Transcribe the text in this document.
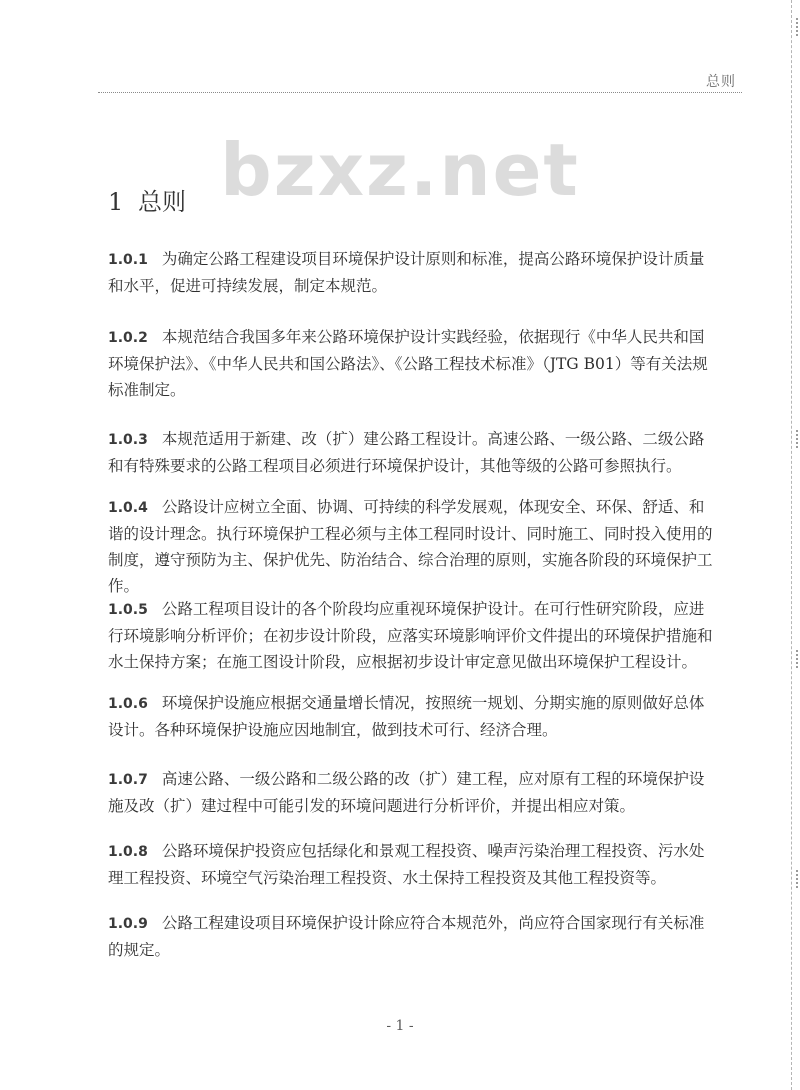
总则
bzxz.net
1 总则

1.0.1 为确定公路工程建设项目环境保护设计原则和标准，提高公路环境保护设计质量和水平，促进可持续发展，制定本规范。

1.0.2 本规范结合我国多年来公路环境保护设计实践经验，依据现行《中华人民共和国环境保护法》、《中华人民共和国公路法》、《公路工程技术标准》（JTG B01）等有关法规标准制定。

1.0.3 本规范适用于新建、改（扩）建公路工程设计。高速公路、一级公路、二级公路和有特殊要求的公路工程项目必须进行环境保护设计，其他等级的公路可参照执行。

1.0.4 公路设计应树立全面、协调、可持续的科学发展观，体现安全、环保、舒适、和谐的设计理念。执行环境保护工程必须与主体工程同时设计、同时施工、同时投入使用的制度，遵守预防为主、保护优先、防治结合、综合治理的原则，实施各阶段的环境保护工作。

1.0.5 公路工程项目设计的各个阶段均应重视环境保护设计。在可行性研究阶段，应进行环境影响分析评价；在初步设计阶段，应落实环境影响评价文件提出的环境保护措施和水土保持方案；在施工图设计阶段，应根据初步设计审定意见做出环境保护工程设计。

1.0.6 环境保护设施应根据交通量增长情况，按照统一规划、分期实施的原则做好总体设计。各种环境保护设施应因地制宜，做到技术可行、经济合理。

1.0.7 高速公路、一级公路和二级公路的改（扩）建工程，应对原有工程的环境保护设施及改（扩）建过程中可能引发的环境问题进行分析评价，并提出相应对策。

1.0.8 公路环境保护投资应包括绿化和景观工程投资、噪声污染治理工程投资、污水处理工程投资、环境空气污染治理工程投资、水土保持工程投资及其他工程投资等。

1.0.9 公路工程建设项目环境保护设计除应符合本规范外，尚应符合国家现行有关标准的规定。

- 1 -
